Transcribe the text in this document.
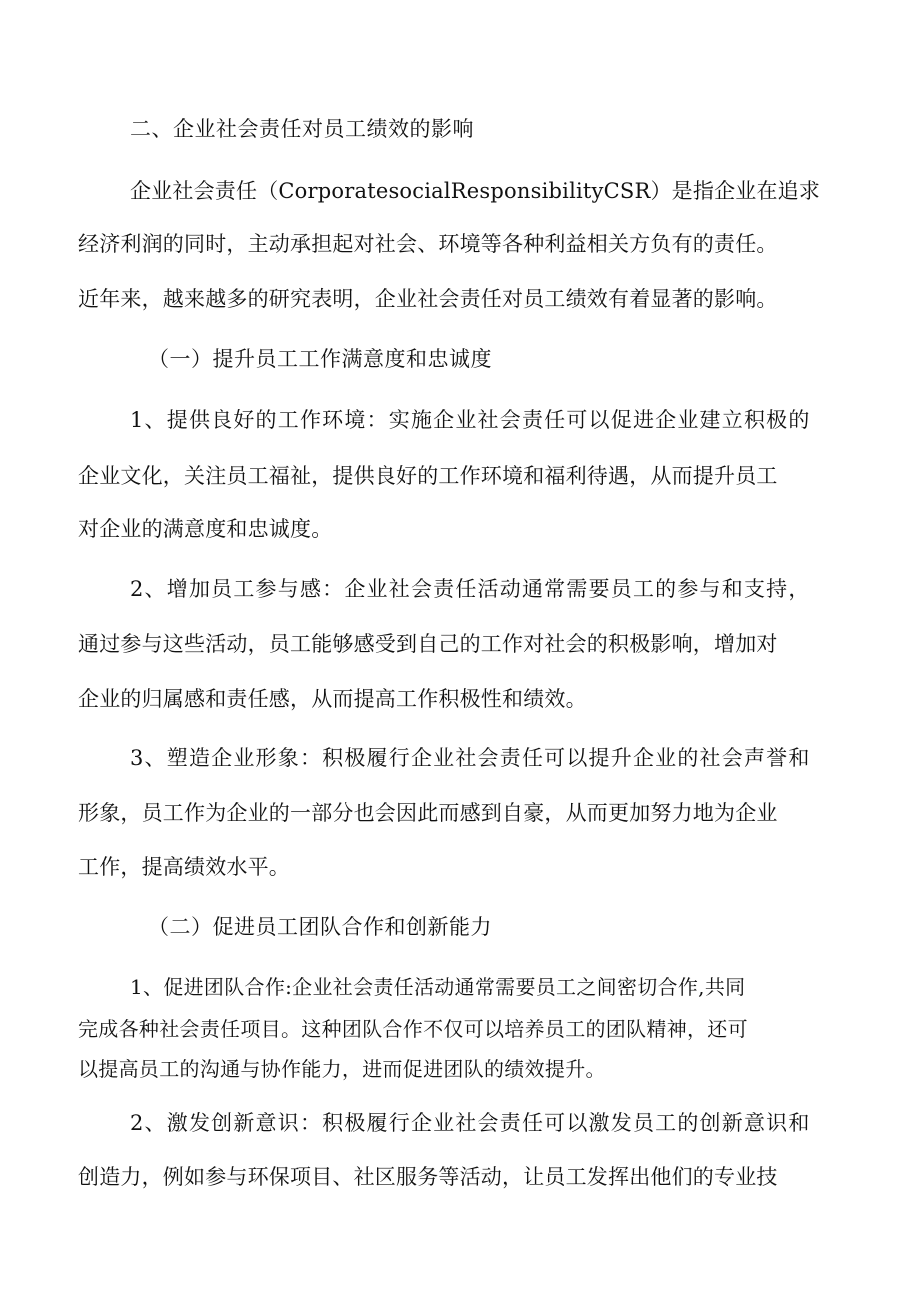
二、企业社会责任对员工绩效的影响
企业社会责任（CorporatesocialResponsibilityCSR）是指企业在追求
经济利润的同时，主动承担起对社会、环境等各种利益相关方负有的责任。
近年来，越来越多的研究表明，企业社会责任对员工绩效有着显著的影响。
（一）提升员工工作满意度和忠诚度
1、提供良好的工作环境：实施企业社会责任可以促进企业建立积极的
企业文化，关注员工福祉，提供良好的工作环境和福利待遇，从而提升员工
对企业的满意度和忠诚度。
2、增加员工参与感：企业社会责任活动通常需要员工的参与和支持，
通过参与这些活动，员工能够感受到自己的工作对社会的积极影响，增加对
企业的归属感和责任感，从而提高工作积极性和绩效。
3、塑造企业形象：积极履行企业社会责任可以提升企业的社会声誉和
形象，员工作为企业的一部分也会因此而感到自豪，从而更加努力地为企业
工作，提高绩效水平。
（二）促进员工团队合作和创新能力
1、促进团队合作:企业社会责任活动通常需要员工之间密切合作,共同
完成各种社会责任项目。这种团队合作不仅可以培养员工的团队精神，还可
以提高员工的沟通与协作能力，进而促进团队的绩效提升。
2、激发创新意识：积极履行企业社会责任可以激发员工的创新意识和
创造力，例如参与环保项目、社区服务等活动，让员工发挥出他们的专业技
